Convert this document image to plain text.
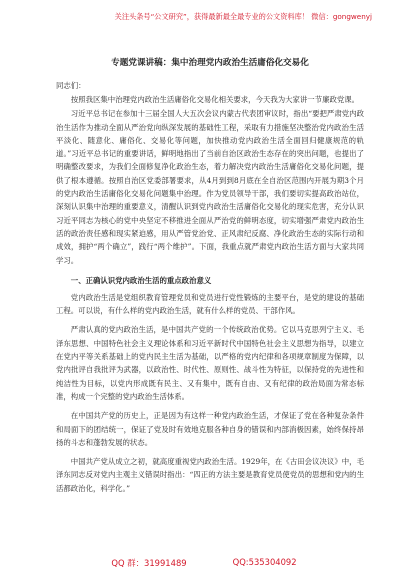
关注头条号“公文研究”，获得最新最全最专业的公文资料库！ 微信：gongwenyj
专题党课讲稿：集中治理党内政治生活庸俗化交易化
同志们：

按照我区集中治理党内政治生活庸俗化交易化相关要求，今天我为大家讲一节廉政党课。

习近平总书记在参加十三届全国人大五次会议内蒙古代表团审议时，指出“要把严肃党内政治生活作为推动全面从严治党向纵深发展的基础性工程，采取有力措施坚决整治党内政治生活平淡化、随意化、庸俗化、交易化等问题，加快推动党内政治生活全面回归健康规范的轨道。”习近平总书记的重要讲话，鲜明地指出了当前自治区政治生态存在的突出问题，也提出了明确整改要求，为我们全面修复净化政治生态，着力解决党内政治生活庸俗化交易化问题，提供了根本遵循。按照自治区党委部署要求，从4月到到8月底在全自治区范围内开展为期3个月的党内政治生活庸俗化交易化问题集中治理。作为党员领导干部，我们要切实提高政治站位，深刻认识集中治理的重要意义，清醒认识到党内政治生活庸俗化交易化的现实危害，充分认识习近平同志为核心的党中央坚定不移推进全面从严治党的鲜明态度，切实增强严肃党内政治生活的政治责任感和现实紧迫感，用从严管党治党、正风肃纪反腐、净化政治生态的实际行动和成效，拥护“两个确立”，践行“两个维护”。下面，我重点就严肃党内政治生活方面与大家共同学习。

一、正确认识党内政治生活的重点政治意义

党内政治生活是党组织教育管理党员和党员进行党性锻炼的主要平台，是党的建设的基础工程。可以说，有什么样的党内政治生活，就有什么样的党员、干部作风。

严肃认真的党内政治生活，是中国共产党的一个传统政治优势。它以马克思列宁主义、毛泽东思想、中国特色社会主义理论体系和习近平新时代中国特色社会主义思想为指导，以建立在党内平等关系基础上的党内民主生活为基础，以严格的党内纪律和各项规章制度为保障，以党内批评自我批评为武器，以政治性、时代性、原则性、战斗性为特征，以保持党的先进性和纯洁性为目标，以党内形成既有民主、又有集中，既有自由、又有纪律的政治局面为常态标准，构成一个完整的党内政治生活体系。

在中国共产党的历史上，正是因为有这样一种党内政治生活，才保证了党在各种复杂条件和局面下的团结统一，保证了党及时有效地克服各种自身的错误和内部消极因素，始终保持昂扬的斗志和蓬勃发展的状态。

中国共产党从成立之初，就高度重视党内政治生活。1929年，在《古田会议决议》中，毛泽东同志反对党内主观主义错误时指出：“四正的方法主要是教育党员使党员的思想和党内的生活都政治化，科学化。”

QQ 群：31991489	QQ:535304092
